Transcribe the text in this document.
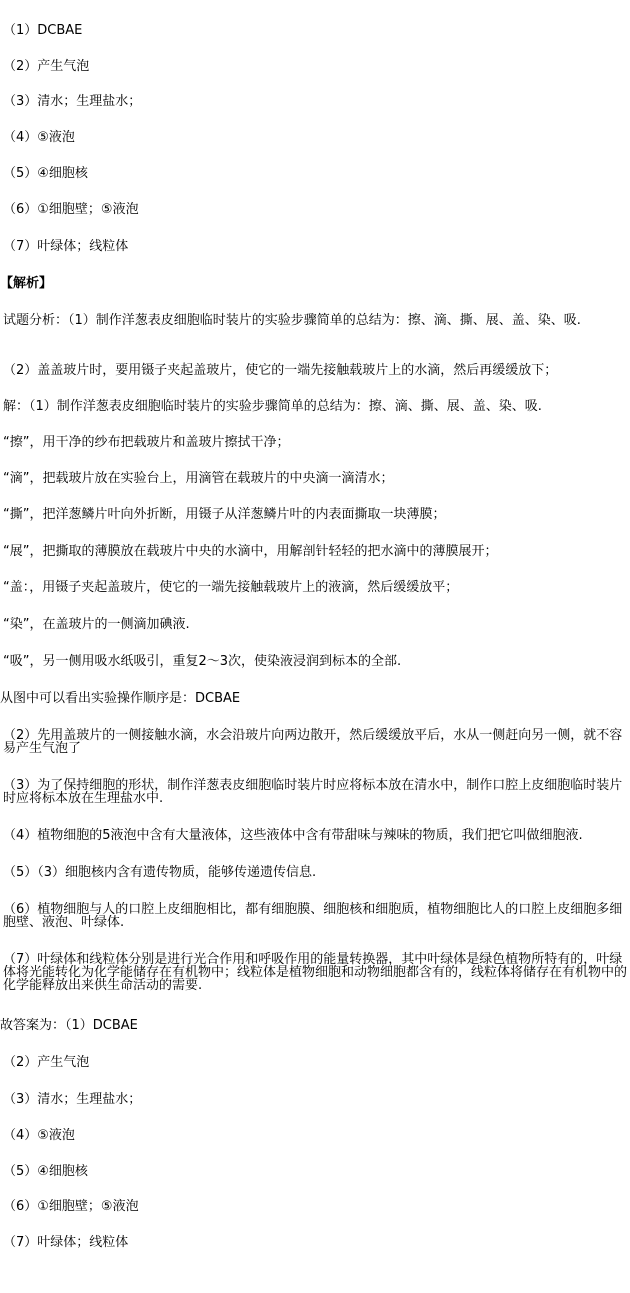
（1）DCBAE
（2）产生气泡
（3）清水；生理盐水；
（4）⑤液泡
（5）④细胞核
（6）①细胞壁；⑤液泡
（7）叶绿体；线粒体
【解析】
试题分析：（1）制作洋葱表皮细胞临时装片的实验步骤简单的总结为：擦、滴、撕、展、盖、染、吸.
（2）盖盖玻片时，要用镊子夹起盖玻片，使它的一端先接触载玻片上的水滴，然后再缓缓放下；
解：（1）制作洋葱表皮细胞临时装片的实验步骤简单的总结为：擦、滴、撕、展、盖、染、吸.
“擦”，用干净的纱布把载玻片和盖玻片擦拭干净；
“滴”，把载玻片放在实验台上，用滴管在载玻片的中央滴一滴清水；
“撕”，把洋葱鳞片叶向外折断，用镊子从洋葱鳞片叶的内表面撕取一块薄膜；
“展”，把撕取的薄膜放在载玻片中央的水滴中，用解剖针轻轻的把水滴中的薄膜展开；
“盖：，用镊子夹起盖玻片，使它的一端先接触载玻片上的液滴，然后缓缓放平；
“染”，在盖玻片的一侧滴加碘液.
“吸”，另一侧用吸水纸吸引，重复2～3次，使染液浸润到标本的全部.
从图中可以看出实验操作顺序是：DCBAE
（2）先用盖玻片的一侧接触水滴，水会沿玻片向两边散开，然后缓缓放平后，水从一侧赶向另一侧，就不容易产生气泡了
（3）为了保持细胞的形状，制作洋葱表皮细胞临时装片时应将标本放在清水中，制作口腔上皮细胞临时装片时应将标本放在生理盐水中.
（4）植物细胞的5液泡中含有大量液体，这些液体中含有带甜味与辣味的物质，我们把它叫做细胞液.
（5）（3）细胞核内含有遗传物质，能够传递遗传信息.
（6）植物细胞与人的口腔上皮细胞相比，都有细胞膜、细胞核和细胞质，植物细胞比人的口腔上皮细胞多细胞壁、液泡、叶绿体.
（7）叶绿体和线粒体分别是进行光合作用和呼吸作用的能量转换器，其中叶绿体是绿色植物所特有的，叶绿体将光能转化为化学能储存在有机物中；线粒体是植物细胞和动物细胞都含有的，线粒体将储存在有机物中的化学能释放出来供生命活动的需要.
故答案为：（1）DCBAE
（2）产生气泡
（3）清水；生理盐水；
（4）⑤液泡
（5）④细胞核
（6）①细胞壁；⑤液泡
（7）叶绿体；线粒体
